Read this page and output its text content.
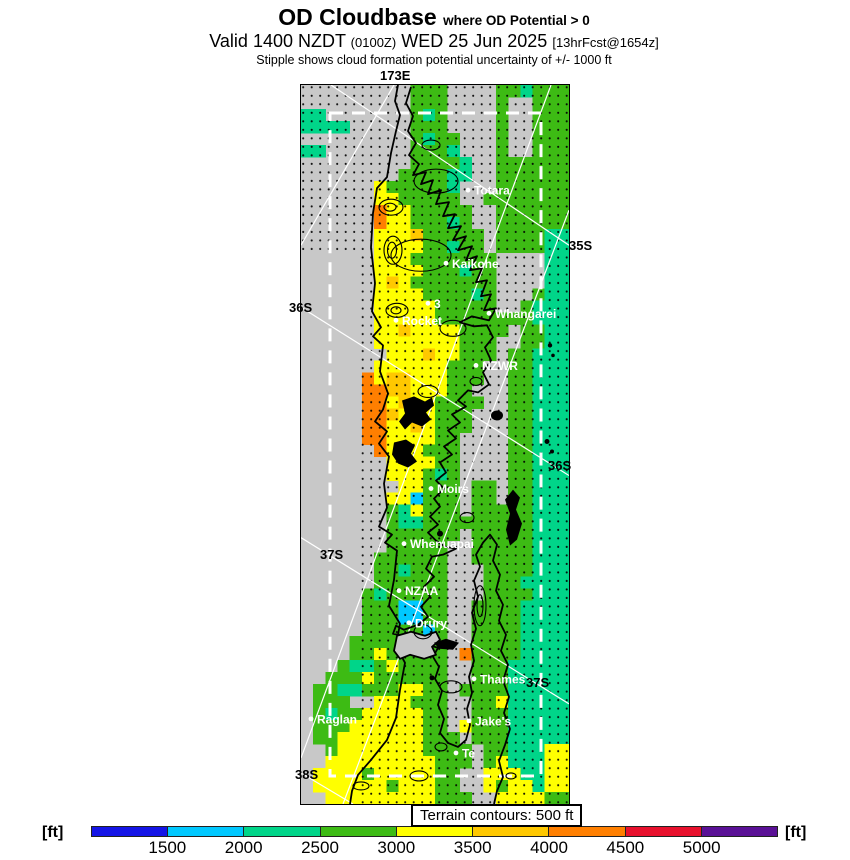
OD Cloudbase where OD Potential > 0
Valid 1400 NZDT (0100Z) WED 25 Jun 2025 [13hrFcst@1654z]
Stipple shows cloud formation potential uncertainty of +/- 1000 ft
Totara
Kaikohe
3
Rocket
Whangarei
NZWR
Moirs
Whenuapai
NZAA
Drury
Thames
Jake's
Te
Raglan
Terrain contours: 500 ft
[ft]	[ft]
173E
35S
36S
36S
37S
37S
38S
1500 2000 2500 3000 3500 4000 4500 5000
